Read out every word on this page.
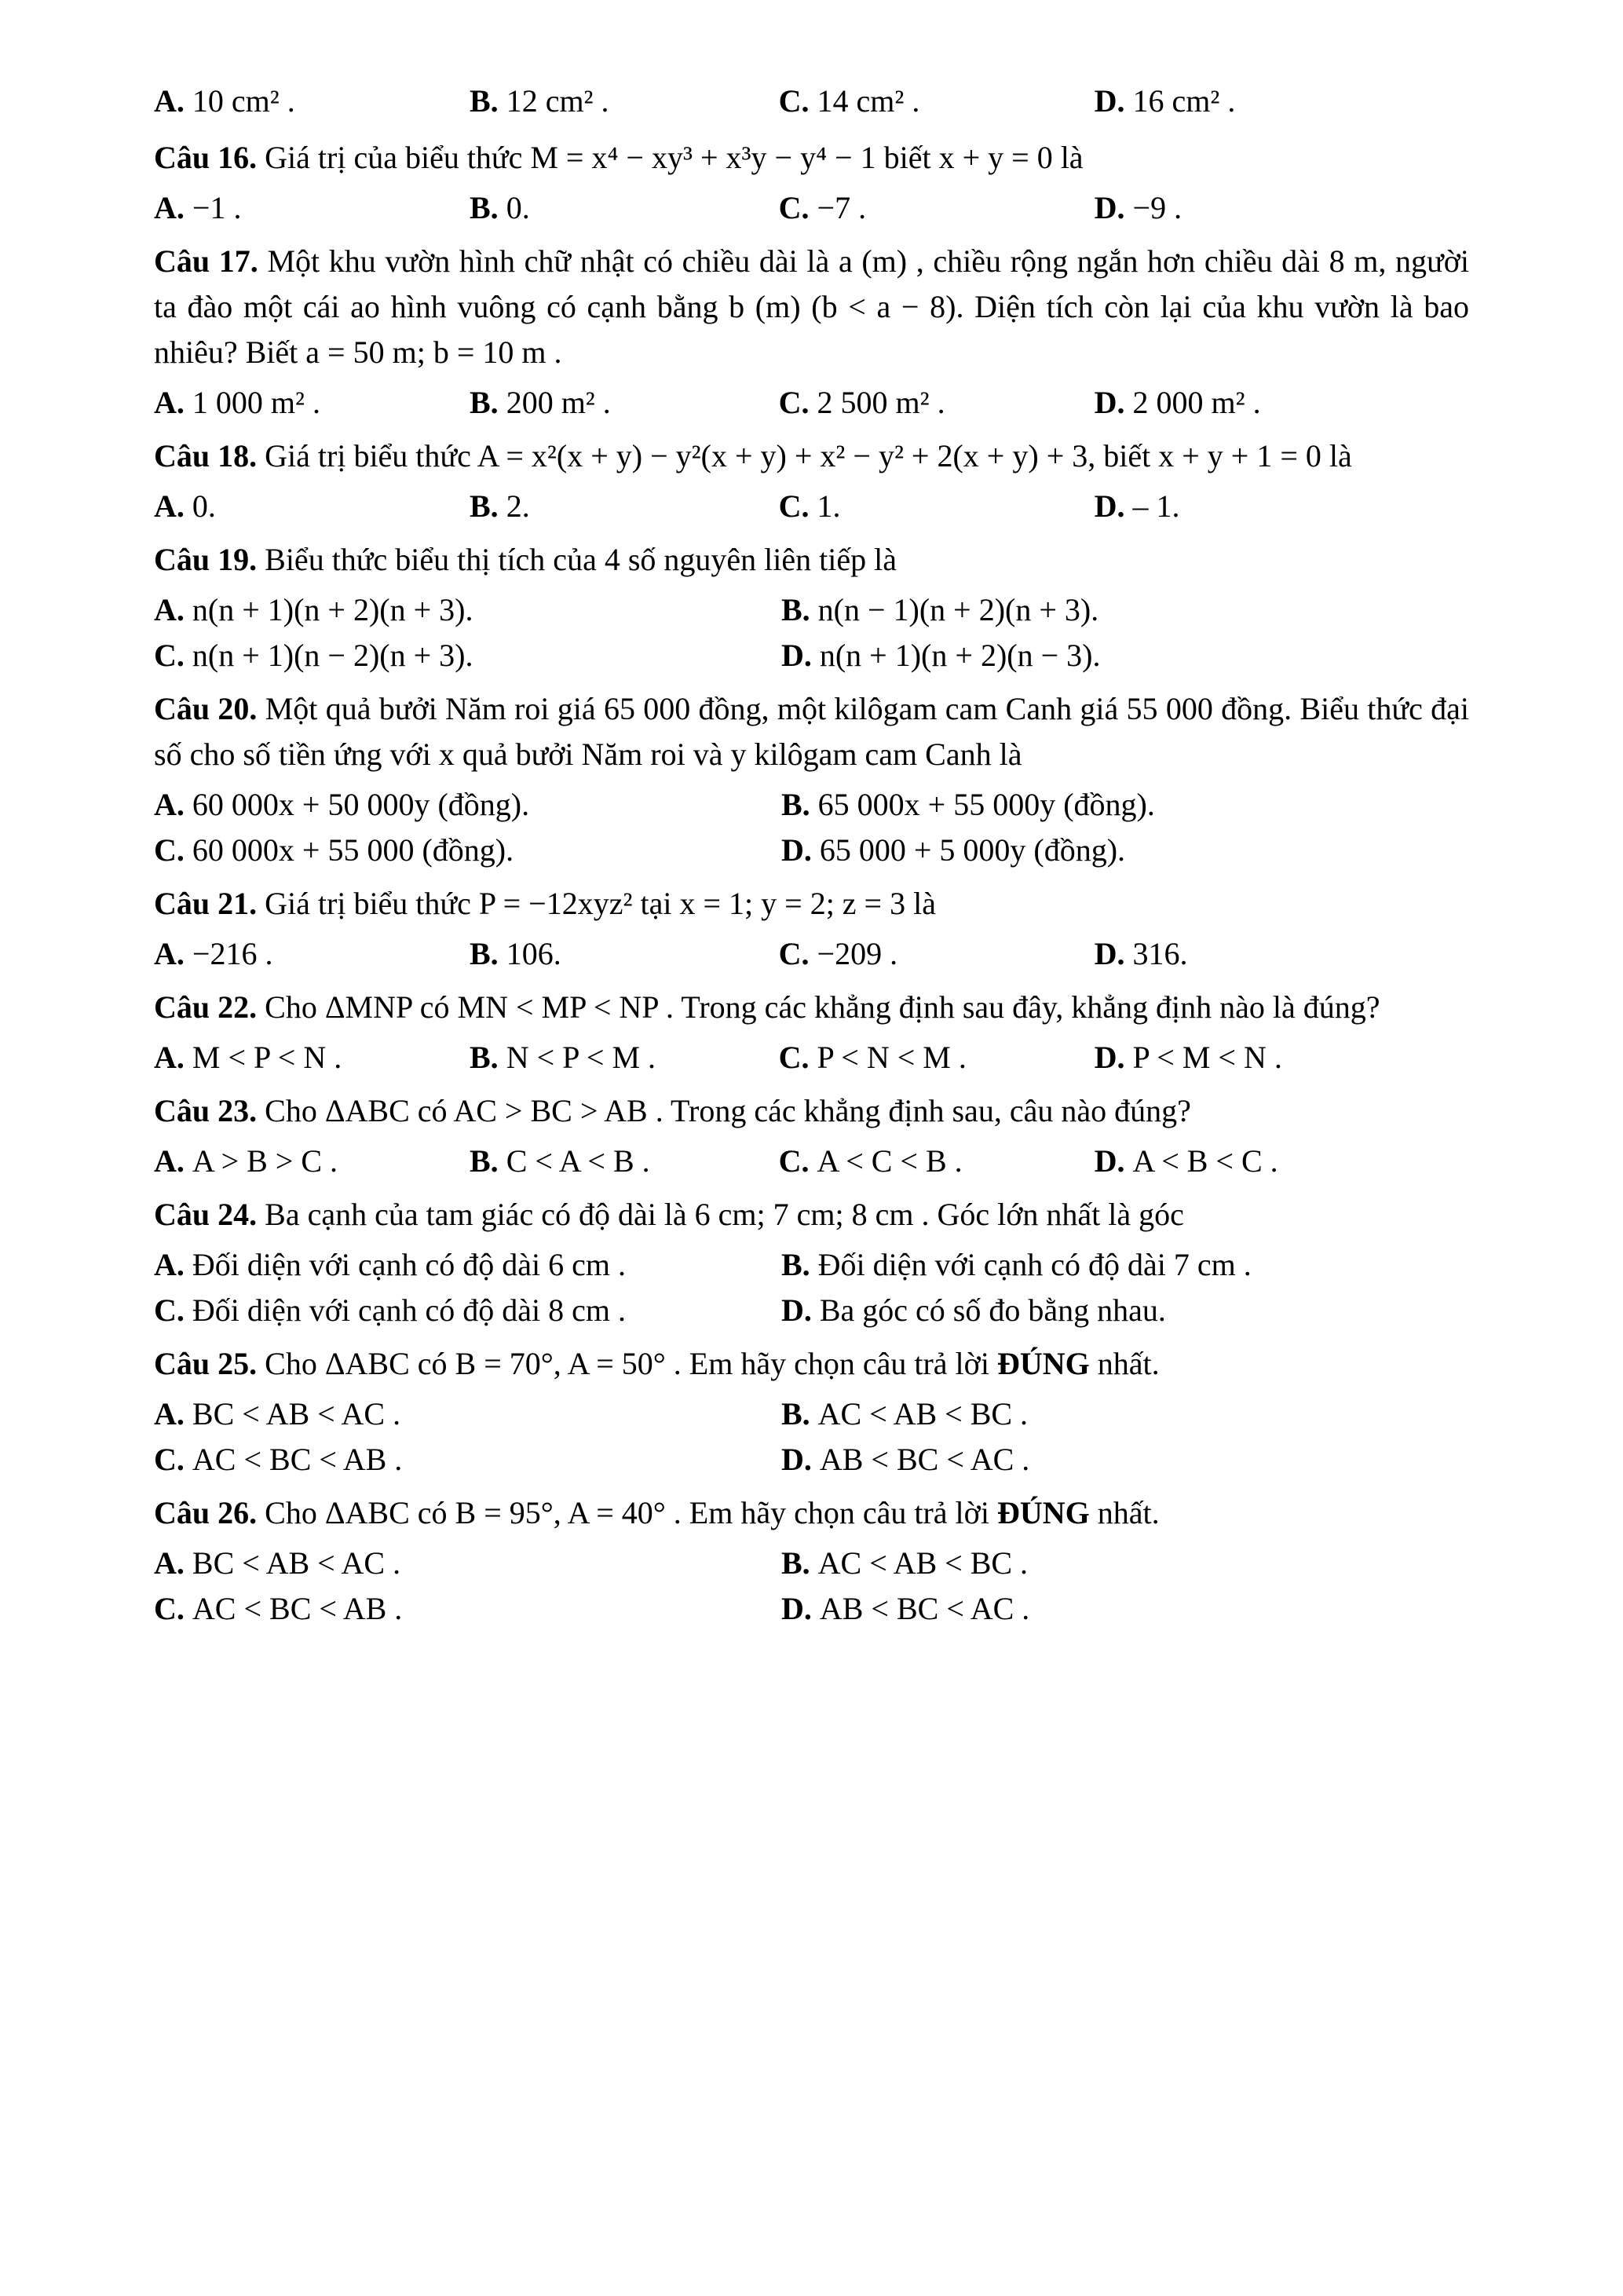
A. 10 cm² .	B. 12 cm² .	C. 14 cm² .	D. 16 cm² .

Câu 16. Giá trị của biểu thức M = x⁴ − xy³ + x³y − y⁴ − 1 biết x + y = 0 là

A. −1 .	B. 0.	C. −7 .	D. −9 .

Câu 17. Một khu vườn hình chữ nhật có chiều dài là a (m) , chiều rộng ngắn hơn chiều dài 8 m, người ta đào một cái ao hình vuông có cạnh bằng b (m) (b < a − 8). Diện tích còn lại của khu vườn là bao nhiêu? Biết a = 50 m; b = 10 m .

A. 1 000 m² .	B. 200 m² .	C. 2 500 m² .	D. 2 000 m² .

Câu 18. Giá trị biểu thức A = x²(x + y) − y²(x + y) + x² − y² + 2(x + y) + 3, biết x + y + 1 = 0 là

A. 0.	B. 2.	C. 1.	D. – 1.

Câu 19. Biểu thức biểu thị tích của 4 số nguyên liên tiếp là

A. n(n + 1)(n + 2)(n + 3).	B. n(n − 1)(n + 2)(n + 3).
C. n(n + 1)(n − 2)(n + 3).	D. n(n + 1)(n + 2)(n − 3).

Câu 20. Một quả bưởi Năm roi giá 65 000 đồng, một kilôgam cam Canh giá 55 000 đồng. Biểu thức đại số cho số tiền ứng với x quả bưởi Năm roi và y kilôgam cam Canh là

A. 60 000x + 50 000y (đồng).	B. 65 000x + 55 000y (đồng).
C. 60 000x + 55 000 (đồng).	D. 65 000 + 5 000y (đồng).

Câu 21. Giá trị biểu thức P = −12xyz² tại x = 1; y = 2; z = 3 là

A. −216 .	B. 106.	C. −209 .	D. 316.

Câu 22. Cho ΔMNP có MN < MP < NP . Trong các khẳng định sau đây, khẳng định nào là đúng?

A. M < P < N .	B. N < P < M .	C. P < N < M .	D. P < M < N .

Câu 23. Cho ΔABC có AC > BC > AB . Trong các khẳng định sau, câu nào đúng?

A. A > B > C .	B. C < A < B .	C. A < C < B .	D. A < B < C .

Câu 24. Ba cạnh của tam giác có độ dài là 6 cm; 7 cm; 8 cm . Góc lớn nhất là góc

A. Đối diện với cạnh có độ dài 6 cm .	B. Đối diện với cạnh có độ dài 7 cm .
C. Đối diện với cạnh có độ dài 8 cm .	D. Ba góc có số đo bằng nhau.

Câu 25. Cho ΔABC có B = 70°, A = 50° . Em hãy chọn câu trả lời ĐÚNG nhất.

A. BC < AB < AC .	B. AC < AB < BC .
C. AC < BC < AB .	D. AB < BC < AC .

Câu 26. Cho ΔABC có B = 95°, A = 40° . Em hãy chọn câu trả lời ĐÚNG nhất.

A. BC < AB < AC .	B. AC < AB < BC .
C. AC < BC < AB .	D. AB < BC < AC .
